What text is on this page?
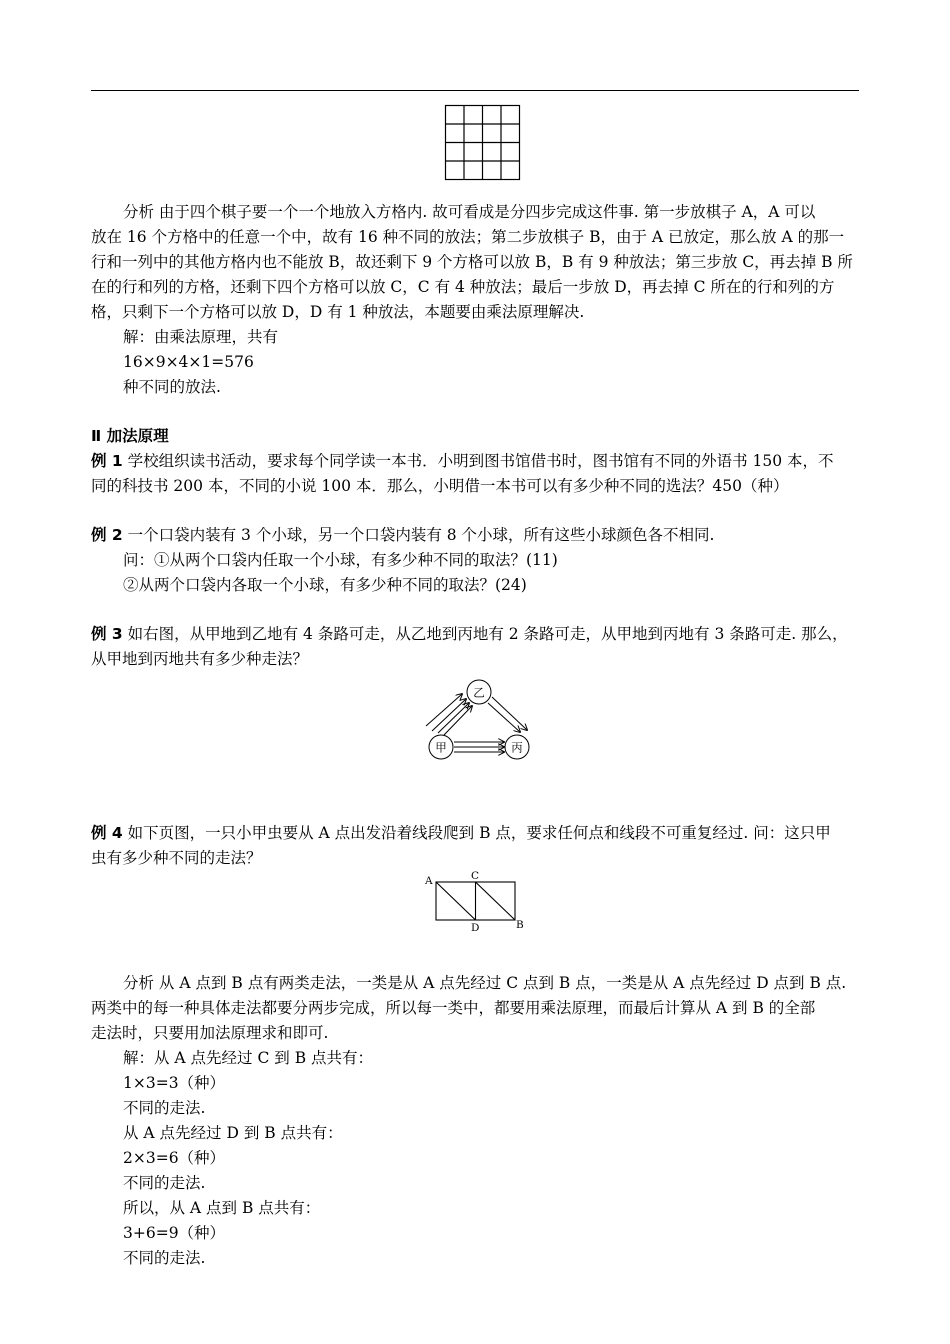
分析 由于四个棋子要一个一个地放入方格内. 故可看成是分四步完成这件事. 第一步放棋子 A，A 可以
放在 16 个方格中的任意一个中，故有 16 种不同的放法；第二步放棋子 B，由于 A 已放定，那么放 A 的那一
行和一列中的其他方格内也不能放 B，故还剩下 9 个方格可以放 B，B 有 9 种放法；第三步放 C，再去掉 B 所
在的行和列的方格，还剩下四个方格可以放 C，C 有 4 种放法；最后一步放 D，再去掉 C 所在的行和列的方
格，只剩下一个方格可以放 D，D 有 1 种放法，本题要由乘法原理解决.
解：由乘法原理，共有
16×9×4×1=576
种不同的放法.
Ⅱ 加法原理
例 1 学校组织读书活动，要求每个同学读一本书．小明到图书馆借书时，图书馆有不同的外语书 150 本，不
同的科技书 200 本，不同的小说 100 本．那么，小明借一本书可以有多少种不同的选法？450（种）
例 2 一个口袋内装有 3 个小球，另一个口袋内装有 8 个小球，所有这些小球颜色各不相同.
问：①从两个口袋内任取一个小球，有多少种不同的取法？(11)
②从两个口袋内各取一个小球，有多少种不同的取法？(24)
例 3 如右图，从甲地到乙地有 4 条路可走，从乙地到丙地有 2 条路可走，从甲地到丙地有 3 条路可走. 那么，
从甲地到丙地共有多少种走法？
甲
乙
丙
例 4 如下页图，一只小甲虫要从 A 点出发沿着线段爬到 B 点，要求任何点和线段不可重复经过. 问：这只甲
虫有多少种不同的走法？
A	C
D	B
分析 从 A 点到 B 点有两类走法，一类是从 A 点先经过 C 点到 B 点，一类是从 A 点先经过 D 点到 B 点.
两类中的每一种具体走法都要分两步完成，所以每一类中，都要用乘法原理，而最后计算从 A 到 B 的全部
走法时，只要用加法原理求和即可.
解：从 A 点先经过 C 到 B 点共有：
1×3=3（种）
不同的走法.
从 A 点先经过 D 到 B 点共有：
2×3=6（种）
不同的走法.
所以，从 A 点到 B 点共有：
3+6=9（种）
不同的走法.
